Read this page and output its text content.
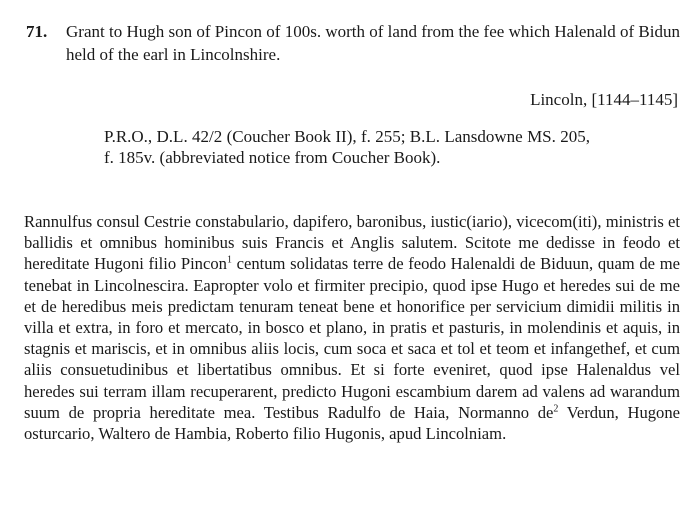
71. Grant to Hugh son of Pincon of 100s. worth of land from the fee which Halenald of Bidun held of the earl in Lincolnshire.
Lincoln, [1144–1145]
P.R.O., D.L. 42/2 (Coucher Book II), f. 255; B.L. Lansdowne MS. 205, f. 185v. (abbreviated notice from Coucher Book).
Rannulfus consul Cestrie constabulario, dapifero, baronibus, iustic(iario), vicecom(iti), ministris et ballidis et omnibus hominibus suis Francis et Anglis salutem. Scitote me dedisse in feodo et hereditate Hugoni filio Pincon$^1$ centum solidatas terre de feodo Halenaldi de Biduun, quam de me tenebat in Lincolnescira. Eapropter volo et firmiter precipio, quod ipse Hugo et heredes sui de me et de heredibus meis predictam tenuram teneat bene et honorifice per servicium dimidii militis in villa et extra, in foro et mercato, in bosco et plano, in pratis et pasturis, in molendinis et aquis, in stagnis et mariscis, et in omnibus aliis locis, cum soca et saca et tol et teom et infangethef, et cum aliis consuetudinibus et libertatibus omnibus. Et si forte eveniret, quod ipse Halenaldus vel heredes sui terram illam recuperarent, predicto Hugoni escambium darem ad valens ad warandum suum de propria hereditate mea. Testibus Radulfo de Haia, Normanno $de^2$ Verdun, Hugone osturcario, Waltero de Hambia, Roberto filio Hugonis, apud Lincolniam.
